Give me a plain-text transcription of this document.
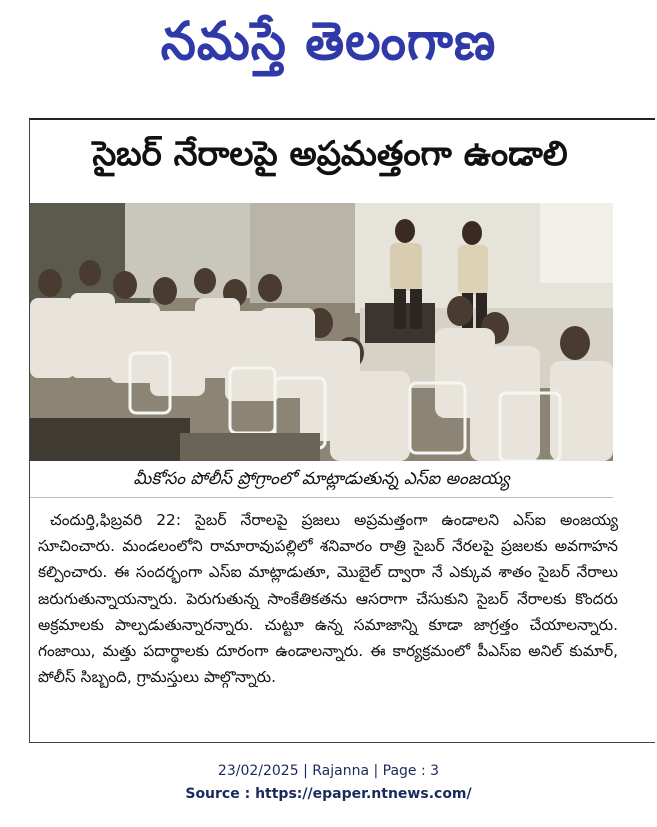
నమస్తే తెలంగాణ
సైబర్ నేరాలపై అప్రమత్తంగా ఉండాలి
మీకోసం పోలీస్ ప్రోగ్రాంలో మాట్లాడుతున్న ఎస్ఐ అంజయ్య

చందుర్తి,ఫిబ్రవరి 22: సైబర్ నేరాలపై ప్రజలు అప్రమత్తంగా ఉండాలని ఎస్ఐ అంజయ్య సూచించారు. మండలంలోని రామారావుపల్లిలో శనివారం రాత్రి సైబర్ నేరలపై ప్రజలకు అవగాహన కల్పించారు. ఈ సందర్భంగా ఎస్ఐ మాట్లాడుతూ, మొబైల్ ద్వారా నే ఎక్కువ శాతం సైబర్ నేరాలు జరుగుతున్నాయన్నారు. పెరుగుతున్న సాంకేతికతను ఆసరాగా చేసుకుని సైబర్ నేరాలకు కొందరు అక్రమాలకు పాల్పడుతున్నారన్నారు. చుట్టూ ఉన్న సమాజాన్ని కూడా జాగ్రత్తం చేయాలన్నారు. గంజాయి, మత్తు పదార్థాలకు దూరంగా ఉండాలన్నారు. ఈ కార్యక్రమంలో పీఎస్ఐ అనిల్ కుమార్, పోలీస్ సిబ్బంది, గ్రామస్తులు పాల్గొన్నారు.

23/02/2025 | Rajanna | Page : 3
Source : https://epaper.ntnews.com/
